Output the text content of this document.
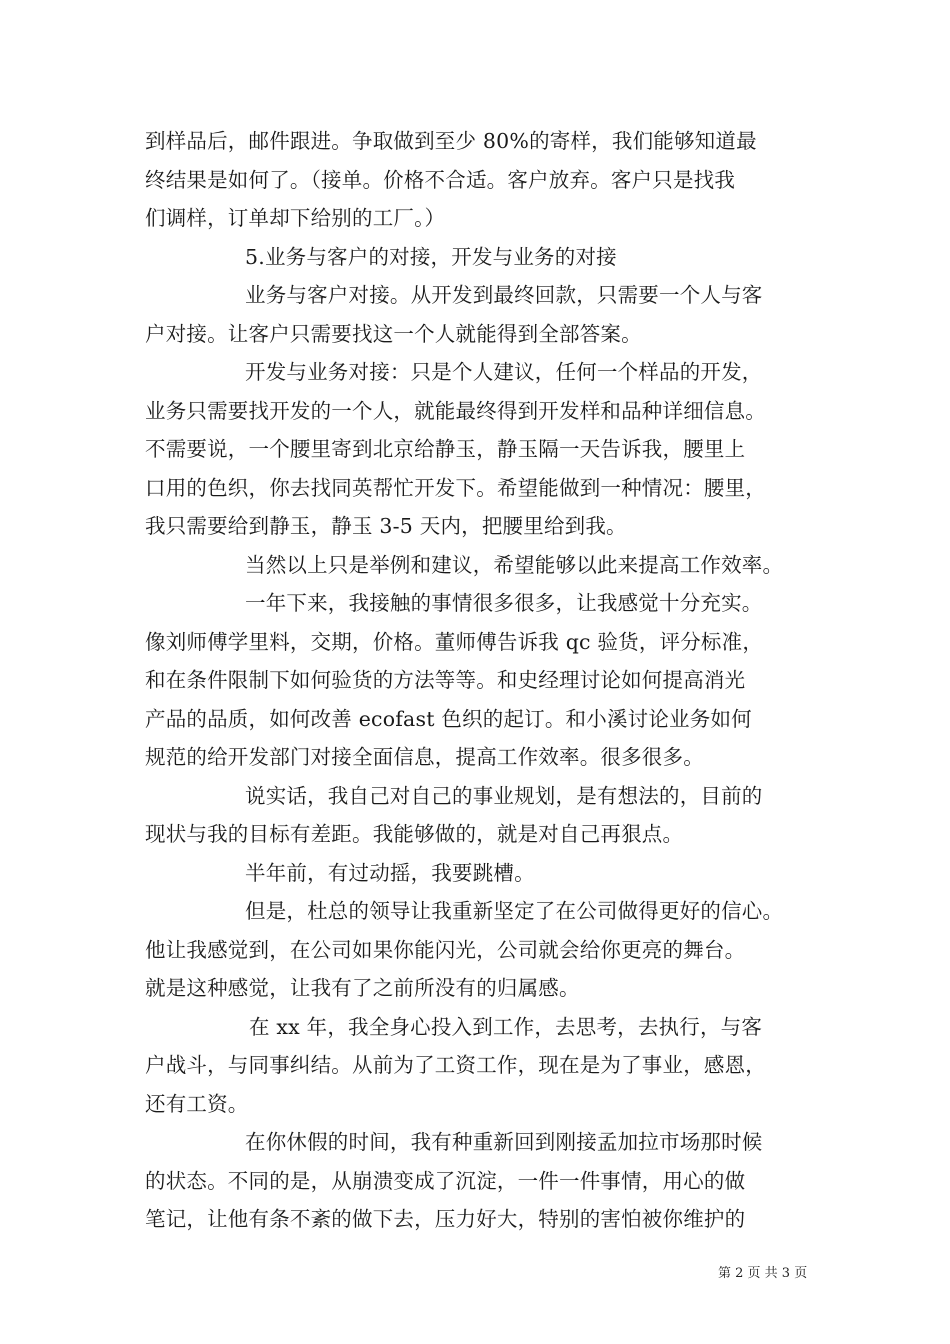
到样品后，邮件跟进。争取做到至少 80%的寄样，我们能够知道最
终结果是如何了。（接单。价格不合适。客户放弃。客户只是找我
们调样，订单却下给别的工厂。）
5.业务与客户的对接，开发与业务的对接
业务与客户对接。从开发到最终回款，只需要一个人与客
户对接。让客户只需要找这一个人就能得到全部答案。
开发与业务对接：只是个人建议，任何一个样品的开发，
业务只需要找开发的一个人，就能最终得到开发样和品种详细信息。
不需要说，一个腰里寄到北京给静玉，静玉隔一天告诉我，腰里上
口用的色织，你去找同英帮忙开发下。希望能做到一种情况：腰里，
我只需要给到静玉，静玉 3-5 天内，把腰里给到我。
当然以上只是举例和建议，希望能够以此来提高工作效率。
一年下来，我接触的事情很多很多，让我感觉十分充实。
像刘师傅学里料，交期，价格。董师傅告诉我 qc 验货，评分标准，
和在条件限制下如何验货的方法等等。和史经理讨论如何提高消光
产品的品质，如何改善 ecofast 色织的起订。和小溪讨论业务如何
规范的给开发部门对接全面信息，提高工作效率。很多很多。
说实话，我自己对自己的事业规划，是有想法的，目前的
现状与我的目标有差距。我能够做的，就是对自己再狠点。
半年前，有过动摇，我要跳槽。
但是，杜总的领导让我重新坚定了在公司做得更好的信心。
他让我感觉到，在公司如果你能闪光，公司就会给你更亮的舞台。
就是这种感觉，让我有了之前所没有的归属感。
在 xx 年，我全身心投入到工作，去思考，去执行，与客
户战斗，与同事纠结。从前为了工资工作，现在是为了事业，感恩，
还有工资。
在你休假的时间，我有种重新回到刚接孟加拉市场那时候
的状态。不同的是，从崩溃变成了沉淀，一件一件事情，用心的做
笔记，让他有条不紊的做下去，压力好大，特别的害怕被你维护的
第 2 页 共 3 页
